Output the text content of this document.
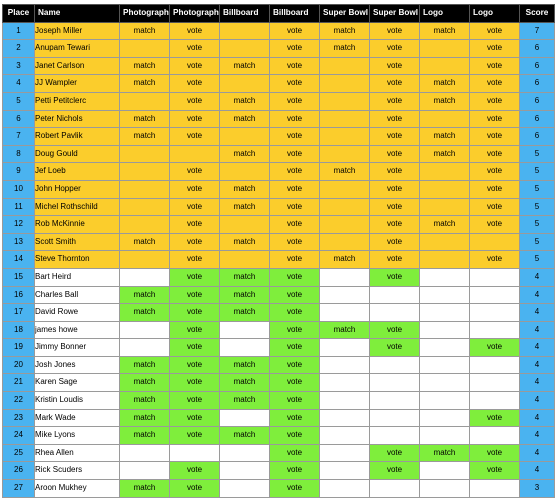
Place	Name	Photograph	Photograph	Billboard	Billboard	Super Bowl	Super Bowl	Logo	Logo	Score
1	Joseph Miller	match	vote		vote	match	vote	match	vote	7
2	Anupam Tewari		vote		vote	match	vote		vote	6
3	Janet Carlson	match	vote	match	vote		vote		vote	6
4	JJ Wampler	match	vote		vote		vote	match	vote	6
5	Petti Petitclerc		vote	match	vote		vote	match	vote	6
6	Peter Nichols	match	vote	match	vote		vote		vote	6
7	Robert Pavlik	match	vote		vote		vote	match	vote	6
8	Doug Gould			match	vote		vote	match	vote	5
9	Jef Loeb		vote		vote	match	vote		vote	5
10	John Hopper		vote	match	vote		vote		vote	5
11	Michel Rothschild		vote	match	vote		vote		vote	5
12	Rob McKinnie		vote		vote		vote	match	vote	5
13	Scott Smith	match	vote	match	vote		vote			5
14	Steve Thornton		vote		vote	match	vote		vote	5
15	Bart Heird		vote	match	vote		vote			4
16	Charles Ball	match	vote	match	vote					4
17	David Rowe	match	vote	match	vote					4
18	james howe		vote		vote	match	vote			4
19	Jimmy Bonner		vote		vote		vote		vote	4
20	Josh Jones	match	vote	match	vote					4
21	Karen Sage	match	vote	match	vote					4
22	Kristin Loudis	match	vote	match	vote					4
23	Mark Wade	match	vote		vote				vote	4
24	Mike Lyons	match	vote	match	vote					4
25	Rhea Allen				vote		vote	match	vote	4
26	Rick Scuders		vote		vote		vote		vote	4
27	Aroon Mukhey	match	vote		vote					3
